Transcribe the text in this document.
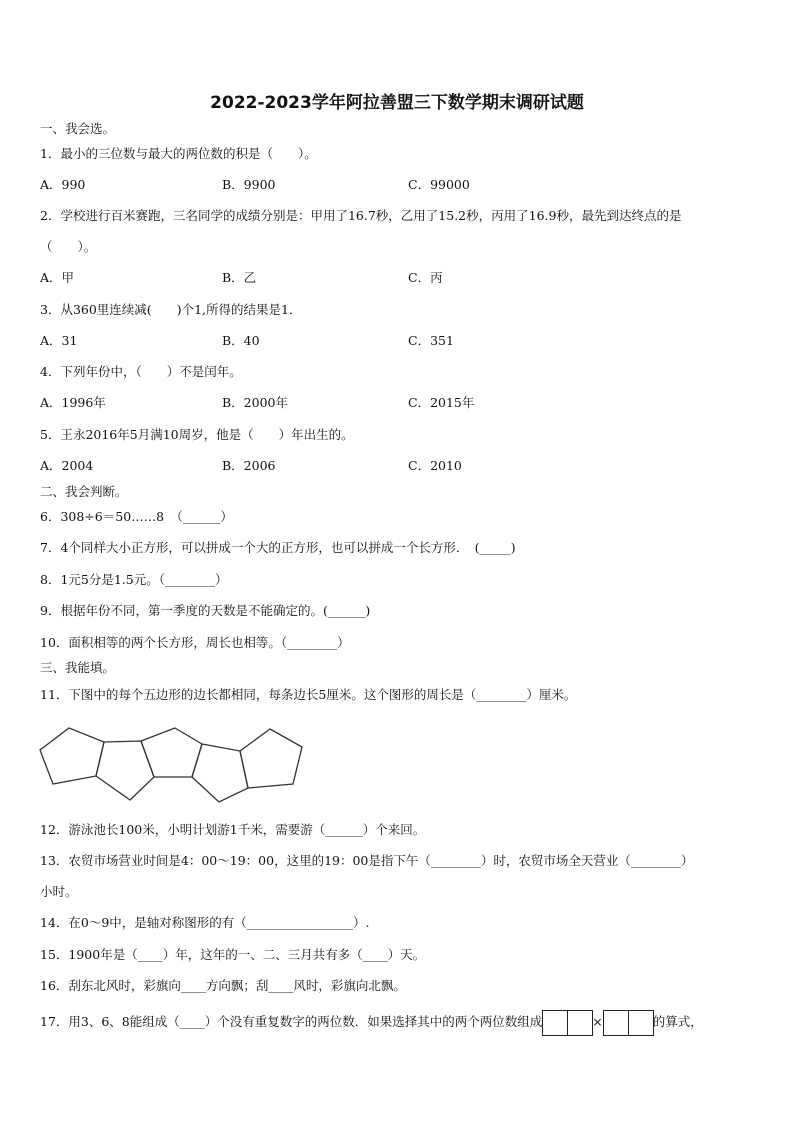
2022-2023学年阿拉善盟三下数学期末调研试题
一、我会选。
1．最小的三位数与最大的两位数的积是（　　）。
A．990	B．9900	C．99000
2．学校进行百米赛跑，三名同学的成绩分别是：甲用了16.7秒，乙用了15.2秒，丙用了16.9秒，最先到达终点的是
（　　）。
A．甲	B．乙	C．丙
3．从360里连续减(　　)个1,所得的结果是1．
A．31	B．40	C．351
4．下列年份中，（　　）不是闰年。
A．1996年	B．2000年	C．2015年
5．王永2016年5月满10周岁，他是（　　）年出生的。
A．2004	B．2006	C．2010
二、我会判断。
6．308÷6＝50……8　（______）
7．4个同样大小正方形，可以拼成一个大的正方形，也可以拼成一个长方形．　(_____)
8．1元5分是1.5元。（________）
9．根据年份不同，第一季度的天数是不能确定的。(______)
10．面积相等的两个长方形，周长也相等。（________）
三、我能填。
11．下图中的每个五边形的边长都相同，每条边长5厘米。这个图形的周长是（________）厘米。
12．游泳池长100米，小明计划游1千米，需要游（______）个来回。
13．农贸市场营业时间是4：00～19：00，这里的19：00是指下午（________）时，农贸市场全天营业（________）
小时。
14．在0～9中，是轴对称图形的有（_________________）.
15．1900年是（____）年，这年的一、二、三月共有多（____）天。
16．刮东北风时，彩旗向____方向飘；刮____风时，彩旗向北飘。
17．用3、6、8能组成（____）个没有重复数字的两位数．如果选择其中的两个两位数组成	×	的算式，
